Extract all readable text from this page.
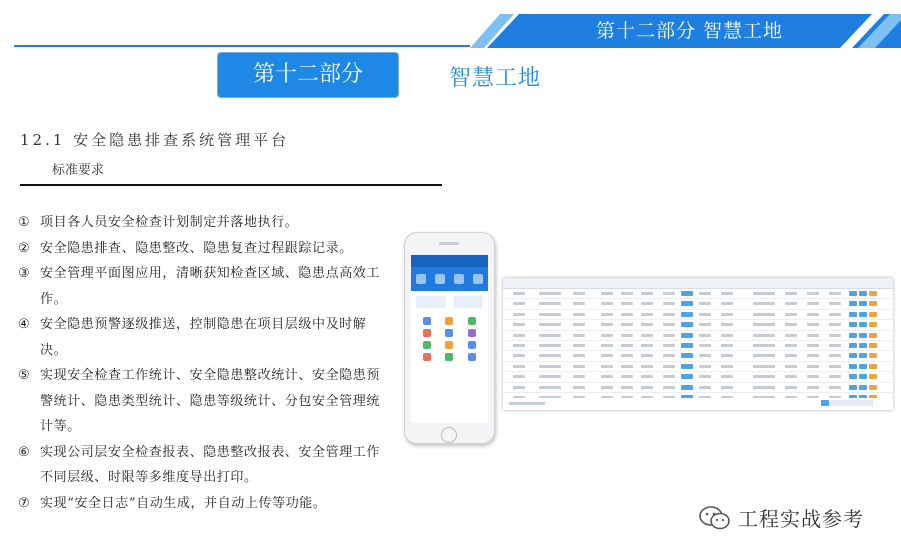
第十二部分 智慧工地
第十二部分	智慧工地
12.1 安全隐患排查系统管理平台
标准要求
① 项目各人员安全检查计划制定并落地执行。
② 安全隐患排查、隐患整改、隐患复查过程跟踪记录。
③ 安全管理平面图应用，清晰获知检查区域、隐患点高效工作。
④ 安全隐患预警逐级推送，控制隐患在项目层级中及时解决。
⑤ 实现安全检查工作统计、安全隐患整改统计、安全隐患预警统计、隐患类型统计、隐患等级统计、分包安全管理统计等。
⑥ 实现公司层安全检查报表、隐患整改报表、安全管理工作不同层级、时限等多维度导出打印。
⑦ 实现“安全日志”自动生成，并自动上传等功能。
工程实战参考
